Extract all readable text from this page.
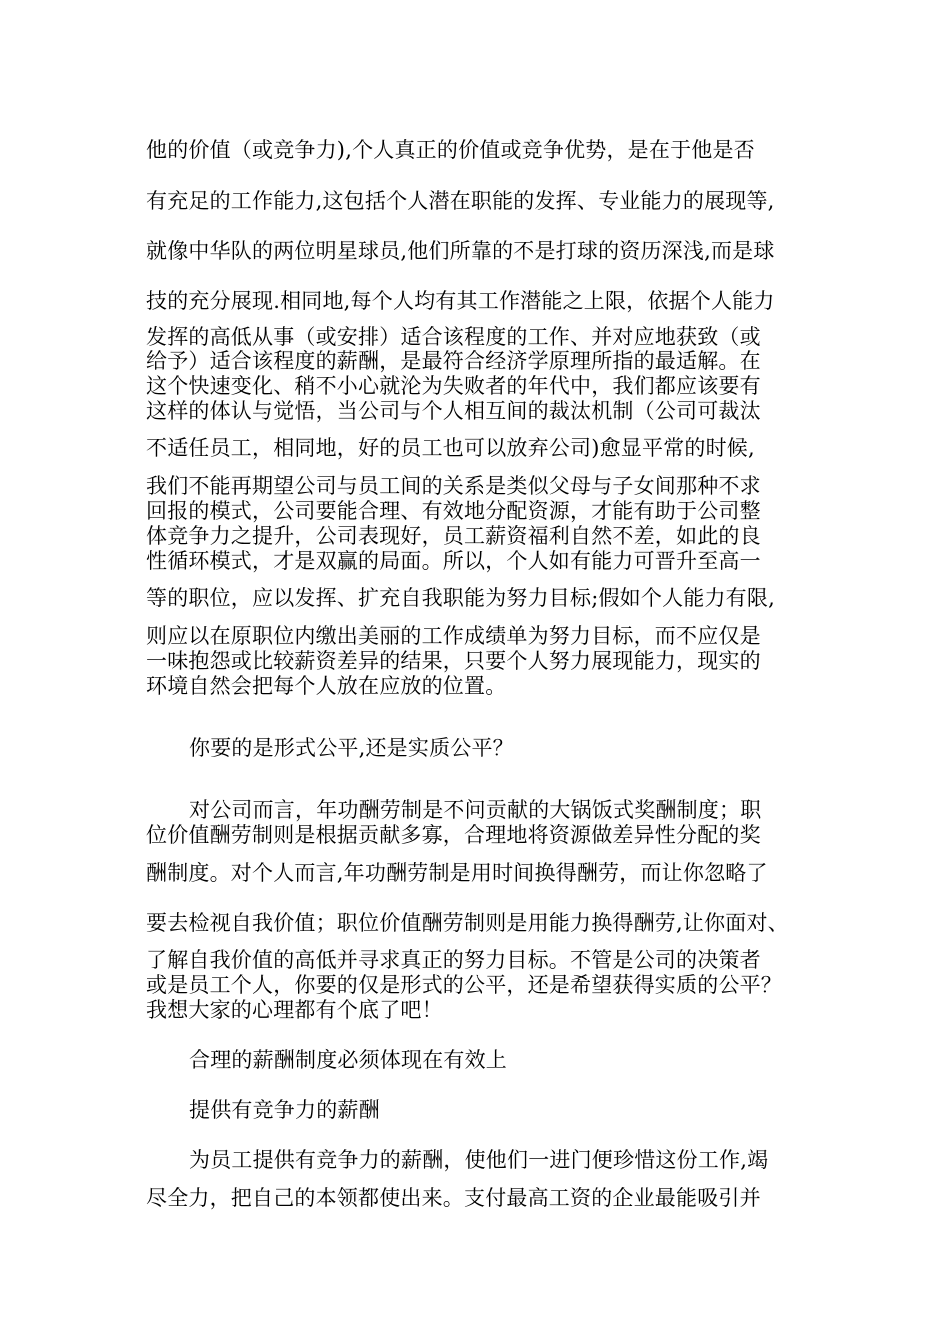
他的价值（或竞争力),个人真正的价值或竞争优势，是在于他是否
有充足的工作能力,这包括个人潜在职能的发挥、专业能力的展现等,
就像中华队的两位明星球员,他们所靠的不是打球的资历深浅,而是球
技的充分展现.相同地,每个人均有其工作潜能之上限，依据个人能力
发挥的高低从事（或安排）适合该程度的工作、并对应地获致（或
给予）适合该程度的薪酬，是最符合经济学原理所指的最适解。在
这个快速变化、稍不小心就沦为失败者的年代中，我们都应该要有
这样的体认与觉悟，当公司与个人相互间的裁汰机制（公司可裁汰
不适任员工，相同地，好的员工也可以放弃公司)愈显平常的时候,
我们不能再期望公司与员工间的关系是类似父母与子女间那种不求
回报的模式，公司要能合理、有效地分配资源，才能有助于公司整
体竞争力之提升，公司表现好，员工薪资福利自然不差，如此的良
性循环模式，才是双赢的局面。所以，个人如有能力可晋升至高一
等的职位，应以发挥、扩充自我职能为努力目标;假如个人能力有限,
则应以在原职位内缴出美丽的工作成绩单为努力目标，而不应仅是
一味抱怨或比较薪资差异的结果，只要个人努力展现能力，现实的
环境自然会把每个人放在应放的位置。
你要的是形式公平,还是实质公平？
对公司而言，年功酬劳制是不问贡献的大锅饭式奖酬制度；职
位价值酬劳制则是根据贡献多寡，合理地将资源做差异性分配的奖
酬制度。对个人而言,年功酬劳制是用时间换得酬劳，而让你忽略了
要去检视自我价值；职位价值酬劳制则是用能力换得酬劳,让你面对、
了解自我价值的高低并寻求真正的努力目标。不管是公司的决策者
或是员工个人，你要的仅是形式的公平，还是希望获得实质的公平？
我想大家的心理都有个底了吧！
合理的薪酬制度必须体现在有效上
提供有竞争力的薪酬
为员工提供有竞争力的薪酬，使他们一进门便珍惜这份工作,竭
尽全力，把自己的本领都使出来。支付最高工资的企业最能吸引并
